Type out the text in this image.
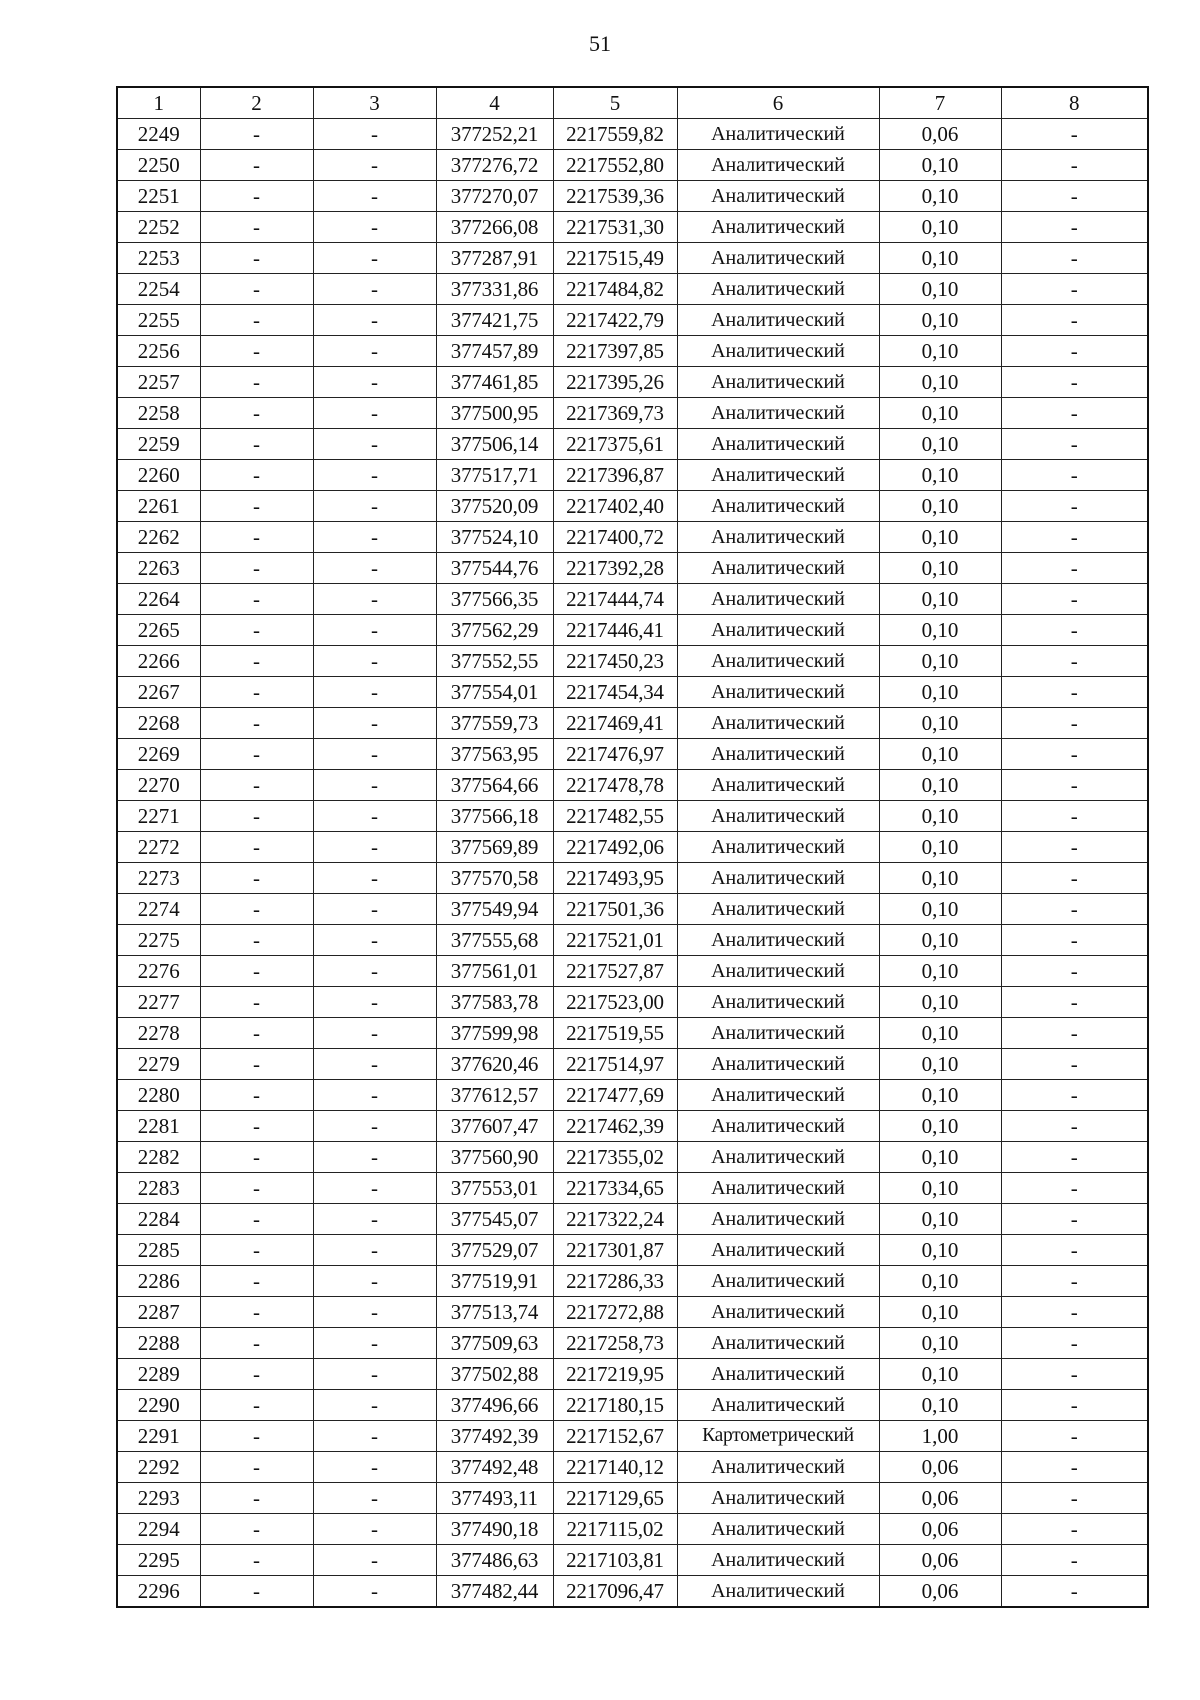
51
1	2	3	4	5	6	7	8
2249	-	-	377252,21	2217559,82	Аналитический	0,06	-
2250	-	-	377276,72	2217552,80	Аналитический	0,10	-
2251	-	-	377270,07	2217539,36	Аналитический	0,10	-
2252	-	-	377266,08	2217531,30	Аналитический	0,10	-
2253	-	-	377287,91	2217515,49	Аналитический	0,10	-
2254	-	-	377331,86	2217484,82	Аналитический	0,10	-
2255	-	-	377421,75	2217422,79	Аналитический	0,10	-
2256	-	-	377457,89	2217397,85	Аналитический	0,10	-
2257	-	-	377461,85	2217395,26	Аналитический	0,10	-
2258	-	-	377500,95	2217369,73	Аналитический	0,10	-
2259	-	-	377506,14	2217375,61	Аналитический	0,10	-
2260	-	-	377517,71	2217396,87	Аналитический	0,10	-
2261	-	-	377520,09	2217402,40	Аналитический	0,10	-
2262	-	-	377524,10	2217400,72	Аналитический	0,10	-
2263	-	-	377544,76	2217392,28	Аналитический	0,10	-
2264	-	-	377566,35	2217444,74	Аналитический	0,10	-
2265	-	-	377562,29	2217446,41	Аналитический	0,10	-
2266	-	-	377552,55	2217450,23	Аналитический	0,10	-
2267	-	-	377554,01	2217454,34	Аналитический	0,10	-
2268	-	-	377559,73	2217469,41	Аналитический	0,10	-
2269	-	-	377563,95	2217476,97	Аналитический	0,10	-
2270	-	-	377564,66	2217478,78	Аналитический	0,10	-
2271	-	-	377566,18	2217482,55	Аналитический	0,10	-
2272	-	-	377569,89	2217492,06	Аналитический	0,10	-
2273	-	-	377570,58	2217493,95	Аналитический	0,10	-
2274	-	-	377549,94	2217501,36	Аналитический	0,10	-
2275	-	-	377555,68	2217521,01	Аналитический	0,10	-
2276	-	-	377561,01	2217527,87	Аналитический	0,10	-
2277	-	-	377583,78	2217523,00	Аналитический	0,10	-
2278	-	-	377599,98	2217519,55	Аналитический	0,10	-
2279	-	-	377620,46	2217514,97	Аналитический	0,10	-
2280	-	-	377612,57	2217477,69	Аналитический	0,10	-
2281	-	-	377607,47	2217462,39	Аналитический	0,10	-
2282	-	-	377560,90	2217355,02	Аналитический	0,10	-
2283	-	-	377553,01	2217334,65	Аналитический	0,10	-
2284	-	-	377545,07	2217322,24	Аналитический	0,10	-
2285	-	-	377529,07	2217301,87	Аналитический	0,10	-
2286	-	-	377519,91	2217286,33	Аналитический	0,10	-
2287	-	-	377513,74	2217272,88	Аналитический	0,10	-
2288	-	-	377509,63	2217258,73	Аналитический	0,10	-
2289	-	-	377502,88	2217219,95	Аналитический	0,10	-
2290	-	-	377496,66	2217180,15	Аналитический	0,10	-
2291	-	-	377492,39	2217152,67	Картометрический	1,00	-
2292	-	-	377492,48	2217140,12	Аналитический	0,06	-
2293	-	-	377493,11	2217129,65	Аналитический	0,06	-
2294	-	-	377490,18	2217115,02	Аналитический	0,06	-
2295	-	-	377486,63	2217103,81	Аналитический	0,06	-
2296	-	-	377482,44	2217096,47	Аналитический	0,06	-
